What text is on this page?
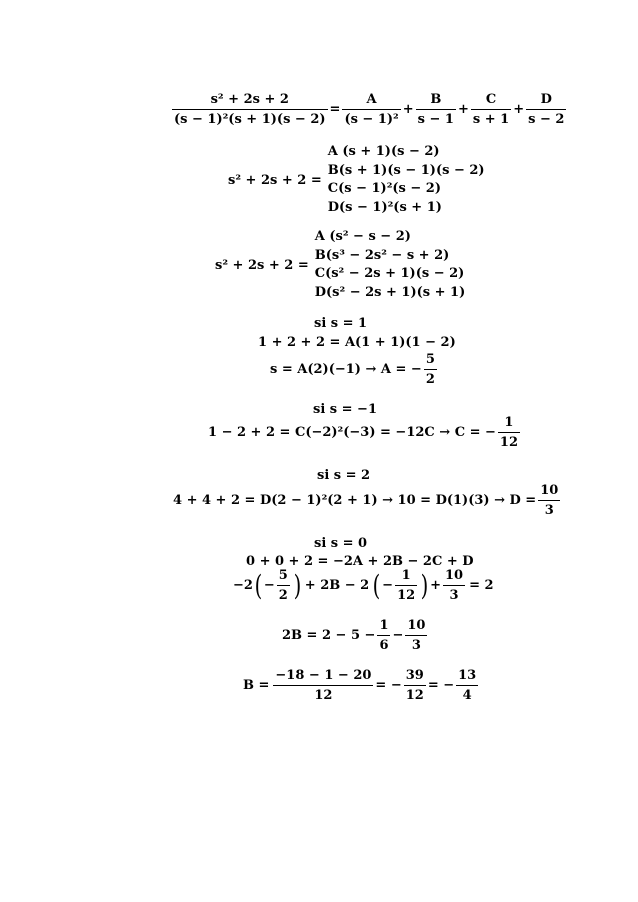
$\frac{\text{s² + 2s + 2}}{\text{(s − 1)²(s + 1)(s − 2)}} = \frac{A}{\text{(s − 1)²}} + \frac{B}{s - 1} + \frac{C}{s + 1} + \frac{D}{s - 2}$
s² + 2s + 2 =
A (s + 1)(s − 2)
B(s + 1)(s − 1)(s − 2)
C(s − 1)²(s − 2)
D(s − 1)²(s + 1)
s² + 2s + 2 =
A (s² − s − 2)
B(s³ − 2s² − s + 2)
C(s² − 2s + 1)(s − 2)
D(s² − 2s + 1)(s + 1)
si s = 1
1 + 2 + 2 = A(1 + 1)(1 − 2)
s = A(2)(−1) → A = − $\frac{5}{2}$
si s = −1
1 − 2 + 2 = C(−2)²(−3) = −12C → C = − $\frac{1}{12}$
si s = 2
$4 + 4 + 2 = D(2 - 1)^2(2 + 1) \to 10 = D(1)(3) \to D = \frac{10}{3}$
si s = 0
0 + 0 + 2 = −2A + 2B − 2C + D
−2 ( − $\frac{5}{2}$ ) + 2B − 2 ( − $\frac{1}{12}$ ) + $\frac{10}{3} = 2$
$2B = 2 - 5 - \frac{1}{6} - \frac{10}{3}$
$B = \frac{-18 - 1 - 20}{12}$ = − $\frac{39}{12}$ = − $\frac{13}{4}$
